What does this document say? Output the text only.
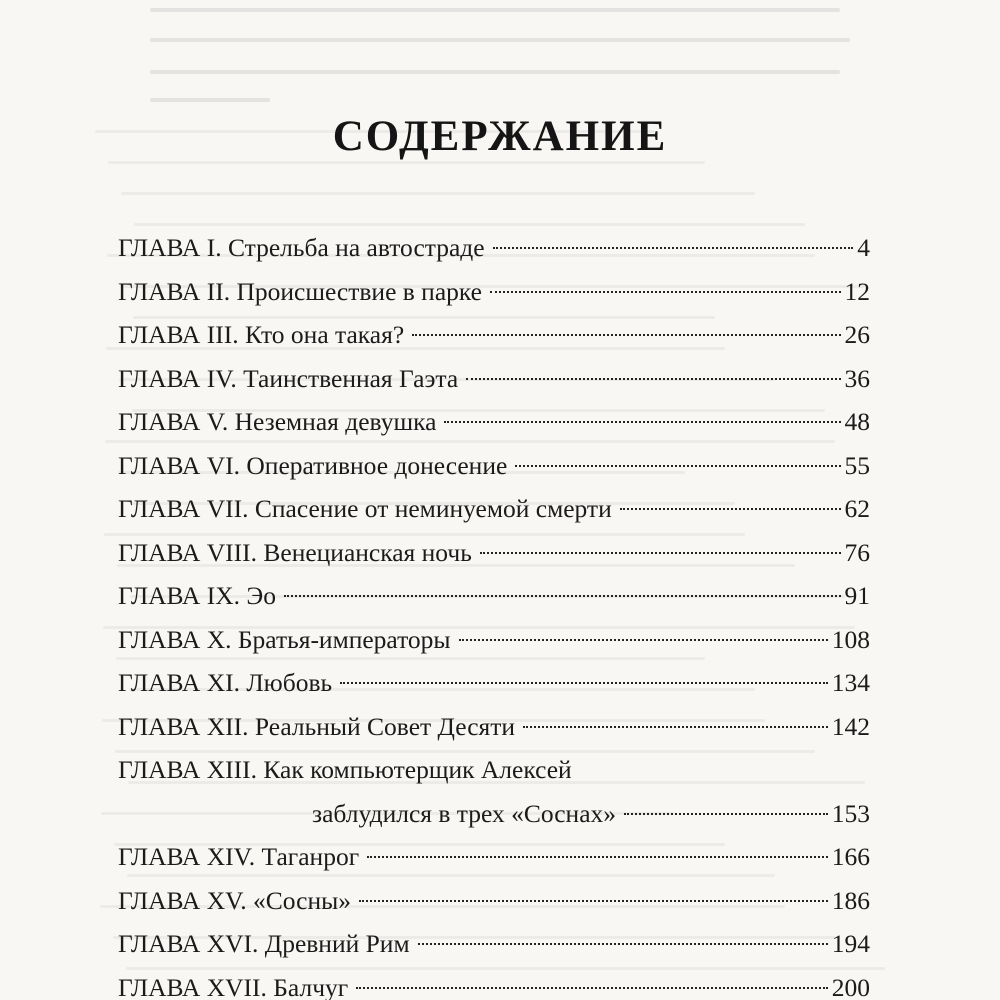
СОДЕРЖАНИЕ
ГЛАВА I. Стрельба на автостраде	4
ГЛАВА II. Происшествие в парке	12
ГЛАВА III. Кто она такая?	26
ГЛАВА IV. Таинственная Гаэта	36
ГЛАВА V. Неземная девушка	48
ГЛАВА VI. Оперативное донесение	55
ГЛАВА VII. Спасение от неминуемой смерти	62
ГЛАВА VIII. Венецианская ночь	76
ГЛАВА IX. Эо	91
ГЛАВА X. Братья-императоры	108
ГЛАВА XI. Любовь	134
ГЛАВА XII. Реальный Совет Десяти	142
ГЛАВА XIII. Как компьютерщик Алексей
заблудился в трех «Соснах»	153
ГЛАВА XIV. Таганрог	166
ГЛАВА XV. «Сосны»	186
ГЛАВА XVI. Древний Рим	194
ГЛАВА XVII. Балчуг	200
